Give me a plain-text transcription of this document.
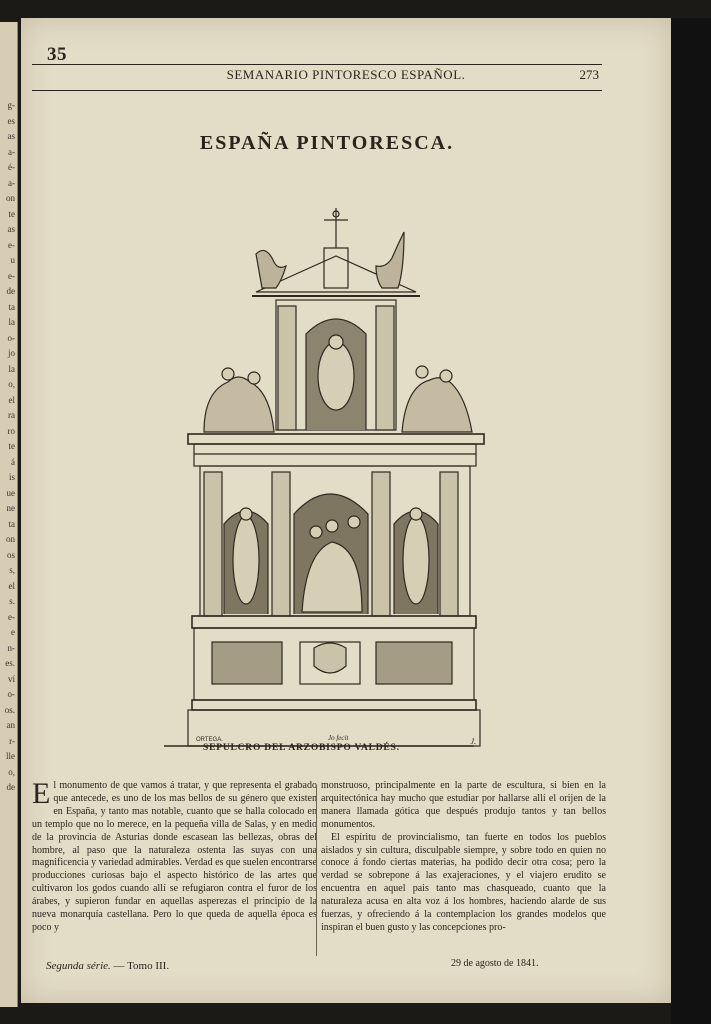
g-
es
as
a-
é-
a-
on
te
as
e-
u
e-
de
ta
la
o-
jo
la
o,
el
ra
ro
te
á
is
ue
ne
ta
on
os
s,
el
s.
e-
e
n-
es.
ví
o-
os.
an
r-
lle
o,
de
35
SEMANARIO PINTORESCO ESPAÑOL.	273
ESPAÑA PINTORESCA.
ORTEGA.	Jo fecit	J.
SEPULCRO DEL ARZOBISPO VALDÉS.

El monumento de que vamos á tratar, y que representa el grabado que antecede, es uno de los mas bellos de su género que existen en España, y tanto mas notable, cuanto que se halla colocado en un templo que no lo merece, en la pequeña villa de Salas, y en medio de la provincia de Asturias donde escasean las bellezas, obras del hombre, al paso que la naturaleza ostenta las suyas con una magnificencia y variedad admirables. Verdad es que suelen encontrarse producciones curiosas bajo el aspecto histórico de las artes que cultivaron los godos cuando allí se refugiaron contra el furor de los árabes, y supieron fundar en aquellas asperezas el principio de la nueva monarquía castellana. Pero lo que queda de aquella época es poco y

monstruoso, principalmente en la parte de escultura, si bien en la arquitectónica hay mucho que estudiar por hallarse allí el orijen de la manera llamada gótica que después produjo tantos y tan bellos monumentos.

El espíritu de provincialismo, tan fuerte en todos los pueblos aislados y sin cultura, disculpable siempre, y sobre todo en quien no conoce á fondo ciertas materias, ha podido decir otra cosa; pero la verdad se sobrepone á las exajeraciones, y el viajero erudito se encuentra en aquel pais tanto mas chasqueado, cuanto que la naturaleza acusa en alta voz á los hombres, haciendo alarde de sus fuerzas, y ofreciendo á la contemplacion los grandes modelos que inspiran el buen gusto y las concepciones pro-

Segunda série. — Tomo III.	29 de agosto de 1841.
